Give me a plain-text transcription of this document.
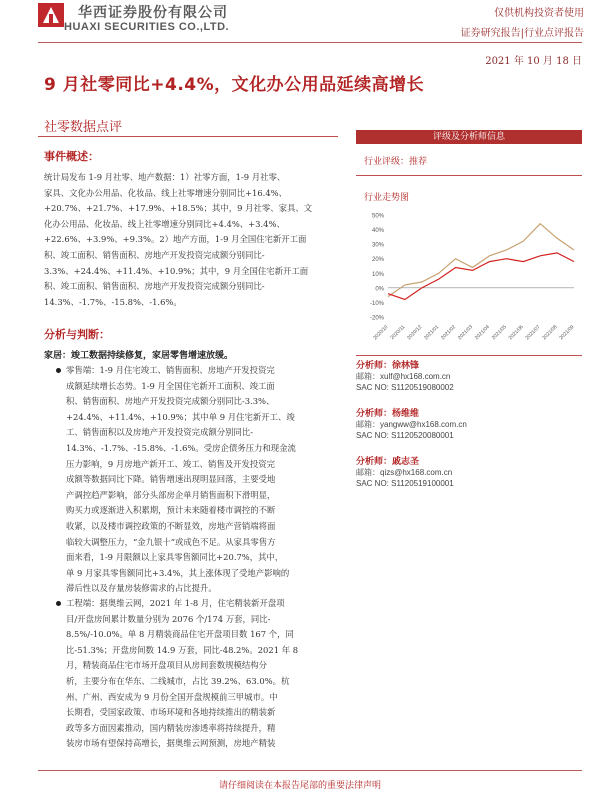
华西证券股份有限公司
HUAXI SECURITIES CO.,LTD.
仅供机构投资者使用
证券研究报告|行业点评报告
2021 年 10 月 18 日
9 月社零同比+4.4%，文化办公用品延续高增长
社零数据点评
事件概述：
统计局发布 1-9 月社零、地产数据：1）社零方面，1-9 月社零、
家具、文化办公用品、化妆品、线上社零增速分别同比+16.4%、
+20.7%、+21.7%、+17.9%、+18.5%；其中，9 月社零、家具、文
化办公用品、化妆品、线上社零增速分别同比+4.4%、+3.4%、
+22.6%、+3.9%、+9.3%。2）地产方面，1-9 月全国住宅新开工面
积、竣工面积、销售面积、房地产开发投资完成额分别同比-
3.3%、+24.4%、+11.4%、+10.9%；其中，9 月全国住宅新开工面
积、竣工面积、销售面积、房地产开发投资完成额分别同比-
14.3%、-1.7%、-15.8%、-1.6%。
分析与判断：
家居：竣工数据持续修复，家居零售增速放缓。
零售端：1-9 月住宅竣工、销售面积、房地产开发投资完
成额延续增长态势。1-9 月全国住宅新开工面积、竣工面
积、销售面积、房地产开发投资完成额分别同比-3.3%、
+24.4%、+11.4%、+10.9%；其中单 9 月住宅新开工、竣
工、销售面积以及房地产开发投资完成额分别同比-
14.3%、-1.7%、-15.8%、-1.6%。受房企债务压力和现金流
压力影响，9 月房地产新开工、竣工、销售及开发投资完
成额等数据同比下降。销售增速出现明显回落，主要受地
产调控趋严影响，部分头部房企单月销售面积下滑明显，
购买力或逐渐进入积累期，预计未来随着楼市调控的不断
收紧，以及楼市调控政策的不断显效，房地产营销端将面
临较大调整压力，“金九银十”或成色不足。从家具零售方
面来看，1-9 月限额以上家具零售额同比+20.7%，其中，
单 9 月家具零售额同比+3.4%，其上涨体现了受地产影响的
滞后性以及存量房装修需求的占比提升。
工程端：据奥维云网，2021 年 1-8 月，住宅精装新开盘项
目/开盘房间累计数量分别为 2076 个/174 万套，同比-
8.5%/-10.0%。单 8 月精装商品住宅开盘项目数 167 个，同
比-51.3%；开盘房间数 14.9 万套，同比-48.2%。2021 年 8
月，精装商品住宅市场开盘项目从房间套数规模结构分
析，主要分布在华东、二线城市，占比 39.2%、63.0%。杭
州、广州、西安成为 9 月份全国开盘规模前三甲城市。中
长期看，受国家政策、市场环境和各地持续推出的精装新
政等多方面因素推动，国内精装房渗透率将持续提升，精
装房市场有望保持高增长，据奥维云网预测，房地产精装
评级及分析师信息
行业评级：推荐
行业走势图
50%
40%
30%
20%
10%
0%
-10%
-20%
2020/10 2020/11 2020/12 2021/01 2021/02 2021/03 2021/04 2021/05 2021/06 2021/07 2021/08 2021/09
分析师：徐林锋
邮箱：xulf@hx168.com.cn
SAC NO: S1120519080002
分析师：杨维维
邮箱：yangww@hx168.com.cn
SAC NO: S1120520080001
分析师：戚志圣
邮箱：qizs@hx168.com.cn
SAC NO: S1120519100001
请仔细阅读在本报告尾部的重要法律声明
